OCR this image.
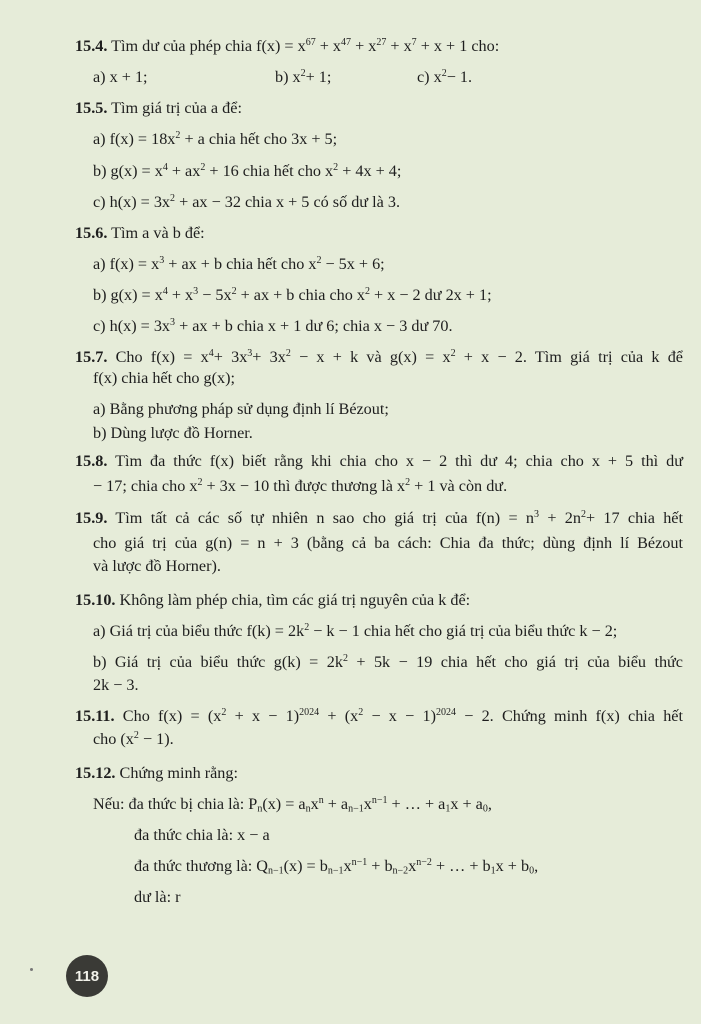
15.4. Tìm dư của phép chia $f(x) = x^{67} + x^{47} + x^{27} + x^7 + x + 1$ cho:
a) x + 1;	b) $x^2+ 1$;	c) $x^2- 1$.
15.5. Tìm giá trị của a để:
a) $f(x) = 18x^2 + a$ chia hết cho 3x + 5;
b) $g(x) = x^4 + ax^2 + 16$ chia hết cho $x^2 + 4x + 4$;
c) $h(x) = 3x^2$ + ax − 32 chia x + 5 có số dư là 3.
15.6. Tìm a và b để:
a) $f(x) = x^3$ + ax + b chia hết cho $x^2 - 5x + 6$;
b) $g(x) = x^4 + x^3 - 5x^2$ + ax + b chia cho $x^2 + x - 2$ dư 2x + 1;
c) $h(x) = 3x^3$ + ax + b chia x + 1 dư 6; chia x − 3 dư 70.
15.7. Cho $f(x) = x^4+ 3x^3+ 3x^2 - x + k$ và $g(x) = x^2 + x - 2$. Tìm giá trị của k để
f(x) chia hết cho g(x);
a) Bằng phương pháp sử dụng định lí Bézout;
b) Dùng lược đồ Horner.
15.8. Tìm đa thức f(x) biết rằng khi chia cho x − 2 thì dư 4; chia cho x + 5 thì dư
− 17; chia cho $x^2 + 3x - 10$ thì được thương là $x^2 + 1$ và còn dư.
15.9. Tìm tất cả các số tự nhiên n sao cho giá trị của $f(n) = n^3 + 2n^2+ 17$ chia hết
cho giá trị của g(n) = n + 3 (bằng cả ba cách: Chia đa thức; dùng định lí Bézout
và lược đồ Horner).
15.10. Không làm phép chia, tìm các giá trị nguyên của k để:
a) Giá trị của biểu thức $f(k) = 2k^2 - k - 1$ chia hết cho giá trị của biểu thức k − 2;
b) Giá trị của biểu thức $g(k) = 2k^2 + 5k - 19$ chia hết cho giá trị của biểu thức
2k − 3.
15.11. Cho $f(x) = (x^2 + x - 1)^{2024} + (x^2 - x - 1)^{2024} - 2$. Chứng minh f(x) chia hết
cho $(x^2 - 1)$.
15.12. Chứng minh rằng:
Nếu: đa thức bị chia là: $P_n(x) = a_nx^n + a_{n-1}x^{n-1}$ + … + $a_1x + a_0$,
đa thức chia là: x − a
đa thức thương là: $Q_{n-1}(x) = b_{n-1}x^{n-1} + b_{n-2}x^{n-2}$ + … + $b_1x + b_0$,
dư là: r
118
